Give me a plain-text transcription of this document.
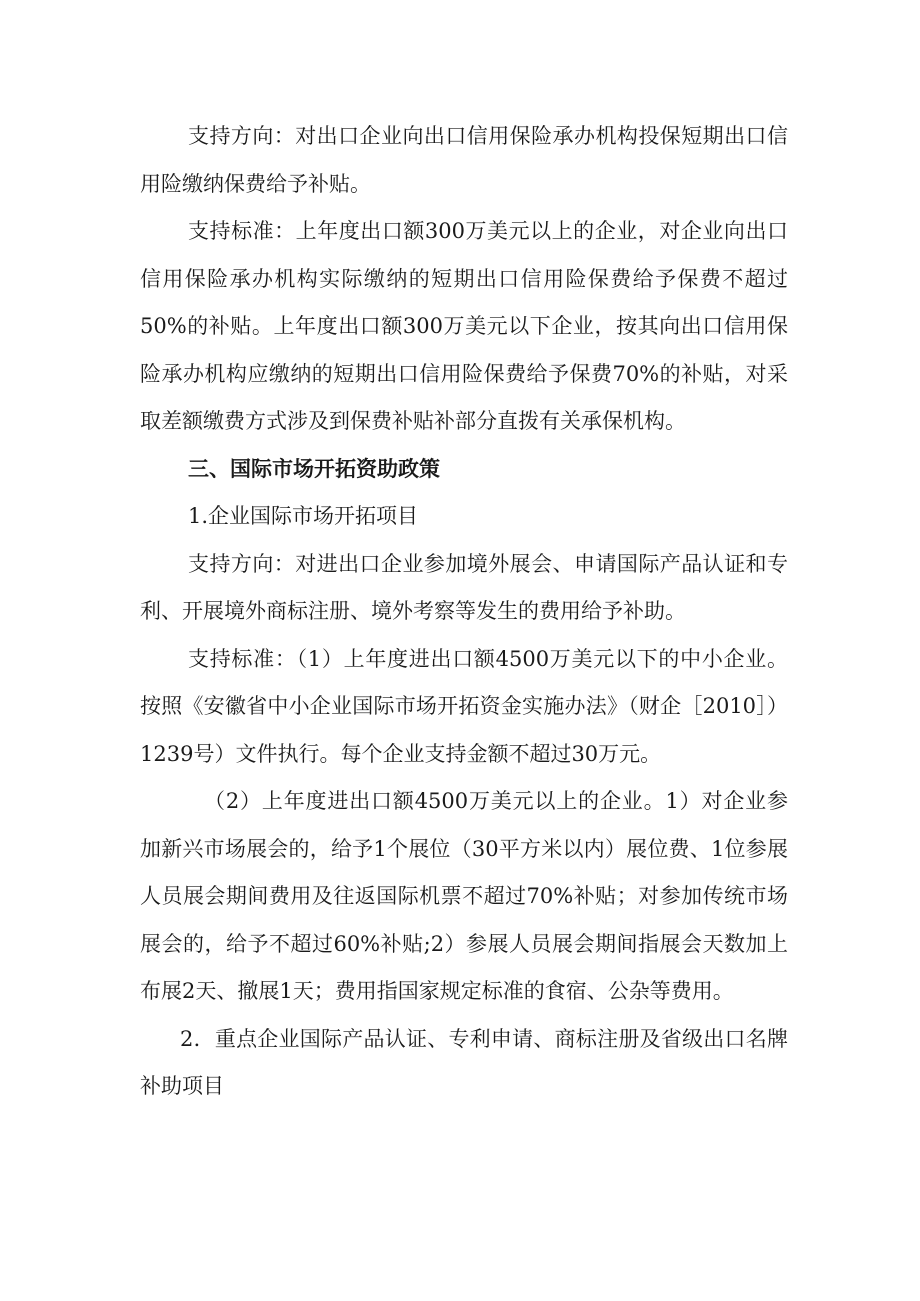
支持方向：对出口企业向出口信用保险承办机构投保短期出口信用险缴纳保费给予补贴。

支持标准：上年度出口额300万美元以上的企业，对企业向出口信用保险承办机构实际缴纳的短期出口信用险保费给予保费不超过50%的补贴。上年度出口额300万美元以下企业，按其向出口信用保险承办机构应缴纳的短期出口信用险保费给予保费70%的补贴，对采取差额缴费方式涉及到保费补贴补部分直拨有关承保机构。

三、国际市场开拓资助政策

1.企业国际市场开拓项目

支持方向：对进出口企业参加境外展会、申请国际产品认证和专利、开展境外商标注册、境外考察等发生的费用给予补助。

支持标准：（1）上年度进出口额4500万美元以下的中小企业。按照《安徽省中小企业国际市场开拓资金实施办法》（财企［2010］）1239号）文件执行。每个企业支持金额不超过30万元。

（2）上年度进出口额4500万美元以上的企业。1）对企业参加新兴市场展会的，给予1个展位（30平方米以内）展位费、1位参展人员展会期间费用及往返国际机票不超过70%补贴；对参加传统市场展会的，给予不超过60%补贴;2）参展人员展会期间指展会天数加上布展2天、撤展1天；费用指国家规定标准的食宿、公杂等费用。

2．重点企业国际产品认证、专利申请、商标注册及省级出口名牌补助项目
